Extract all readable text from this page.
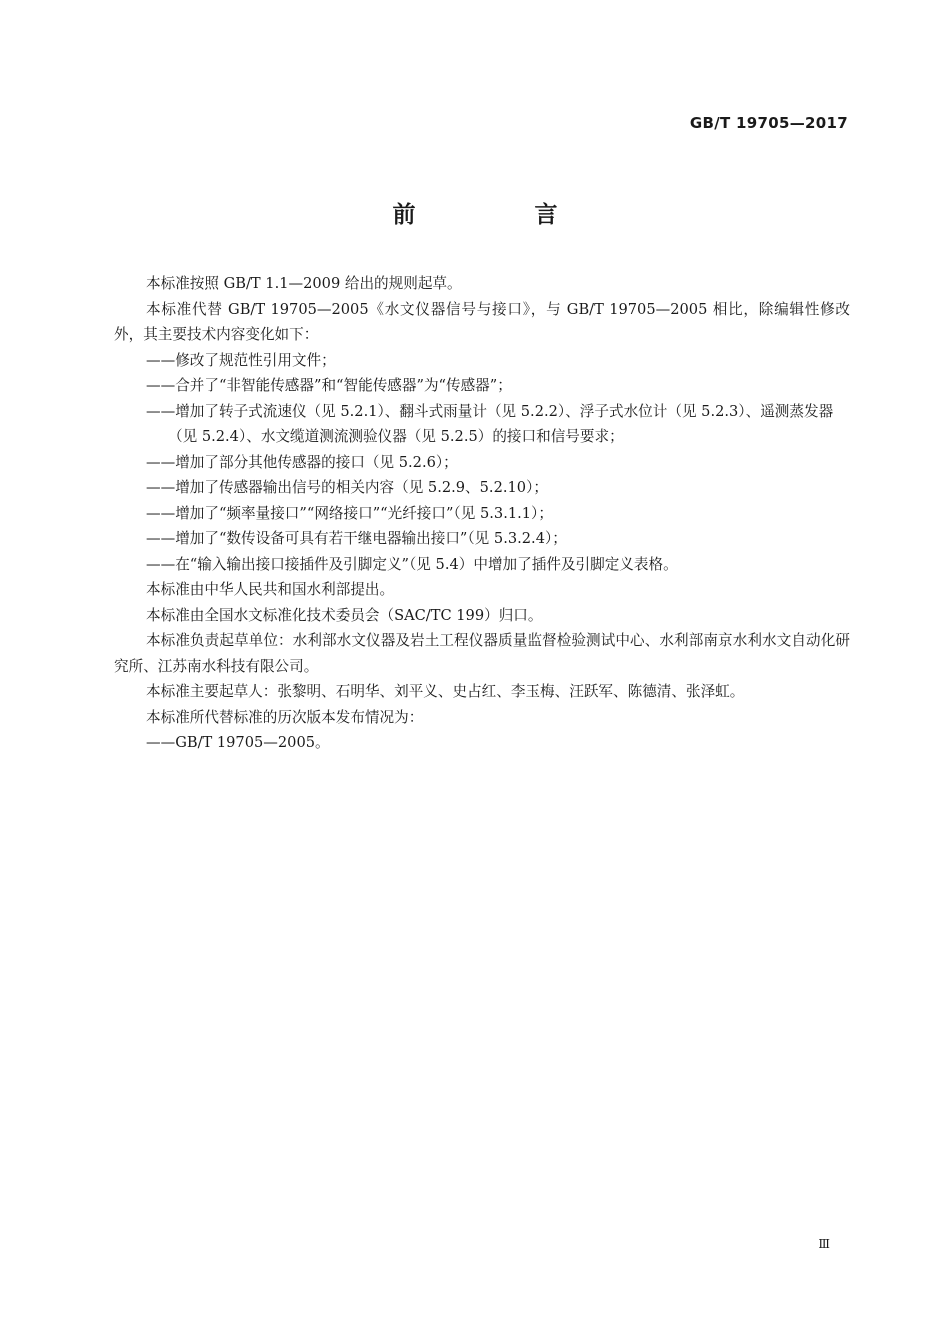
GB/T 19705—2017
前　言

本标准按照 GB/T 1.1—2009 给出的规则起草。

本标准代替 GB/T 19705—2005《水文仪器信号与接口》，与 GB/T 19705—2005 相比，除编辑性修改外，其主要技术内容变化如下：

——修改了规范性引用文件；

——合并了“非智能传感器”和“智能传感器”为“传感器”；

——增加了转子式流速仪（见 5.2.1）、翻斗式雨量计（见 5.2.2）、浮子式水位计（见 5.2.3）、遥测蒸发器（见 5.2.4）、水文缆道测流测验仪器（见 5.2.5）的接口和信号要求；

——增加了部分其他传感器的接口（见 5.2.6）；

——增加了传感器输出信号的相关内容（见 5.2.9、5.2.10）；

——增加了“频率量接口”“网络接口”“光纤接口”（见 5.3.1.1）；

——增加了“数传设备可具有若干继电器输出接口”（见 5.3.2.4）；

——在“输入输出接口接插件及引脚定义”（见 5.4）中增加了插件及引脚定义表格。

本标准由中华人民共和国水利部提出。

本标准由全国水文标准化技术委员会（SAC/TC 199）归口。

本标准负责起草单位：水利部水文仪器及岩土工程仪器质量监督检验测试中心、水利部南京水利水文自动化研究所、江苏南水科技有限公司。

本标准主要起草人：张黎明、石明华、刘平义、史占红、李玉梅、汪跃军、陈德清、张泽虹。

本标准所代替标准的历次版本发布情况为：

——GB/T 19705—2005。

Ⅲ
